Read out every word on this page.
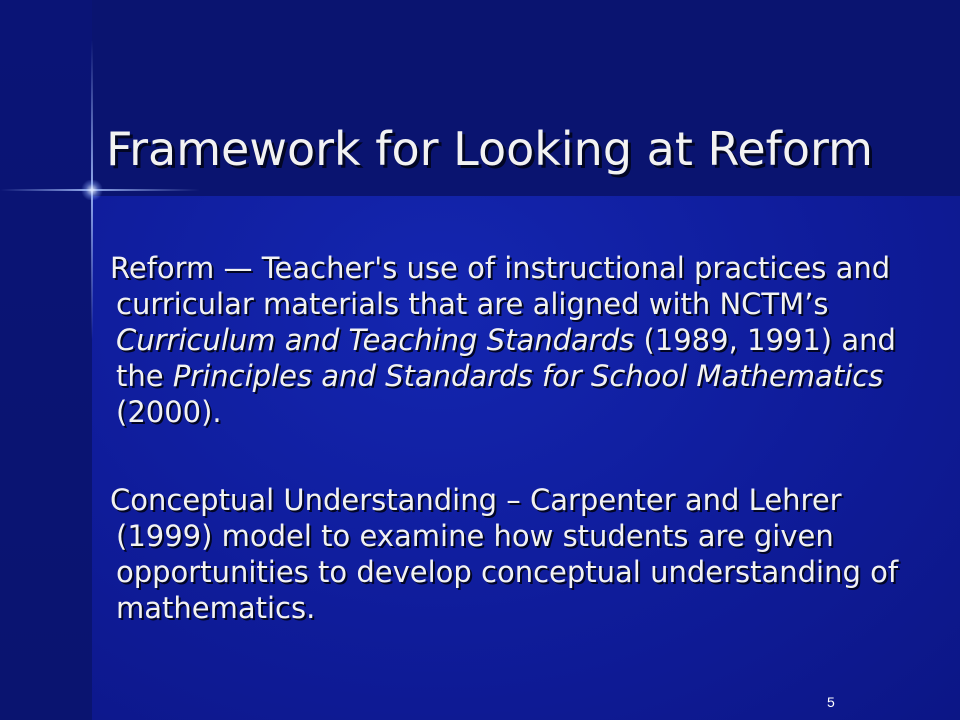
Framework for Looking at Reform

Reform — Teacher's use of instructional practices and curricular materials that are aligned with NCTM’s Curriculum and Teaching Standards (1989, 1991) and the Principles and Standards for School Mathematics (2000).

Conceptual Understanding – Carpenter and Lehrer (1999) model to examine how students are given opportunities to develop conceptual understanding of mathematics.

5
